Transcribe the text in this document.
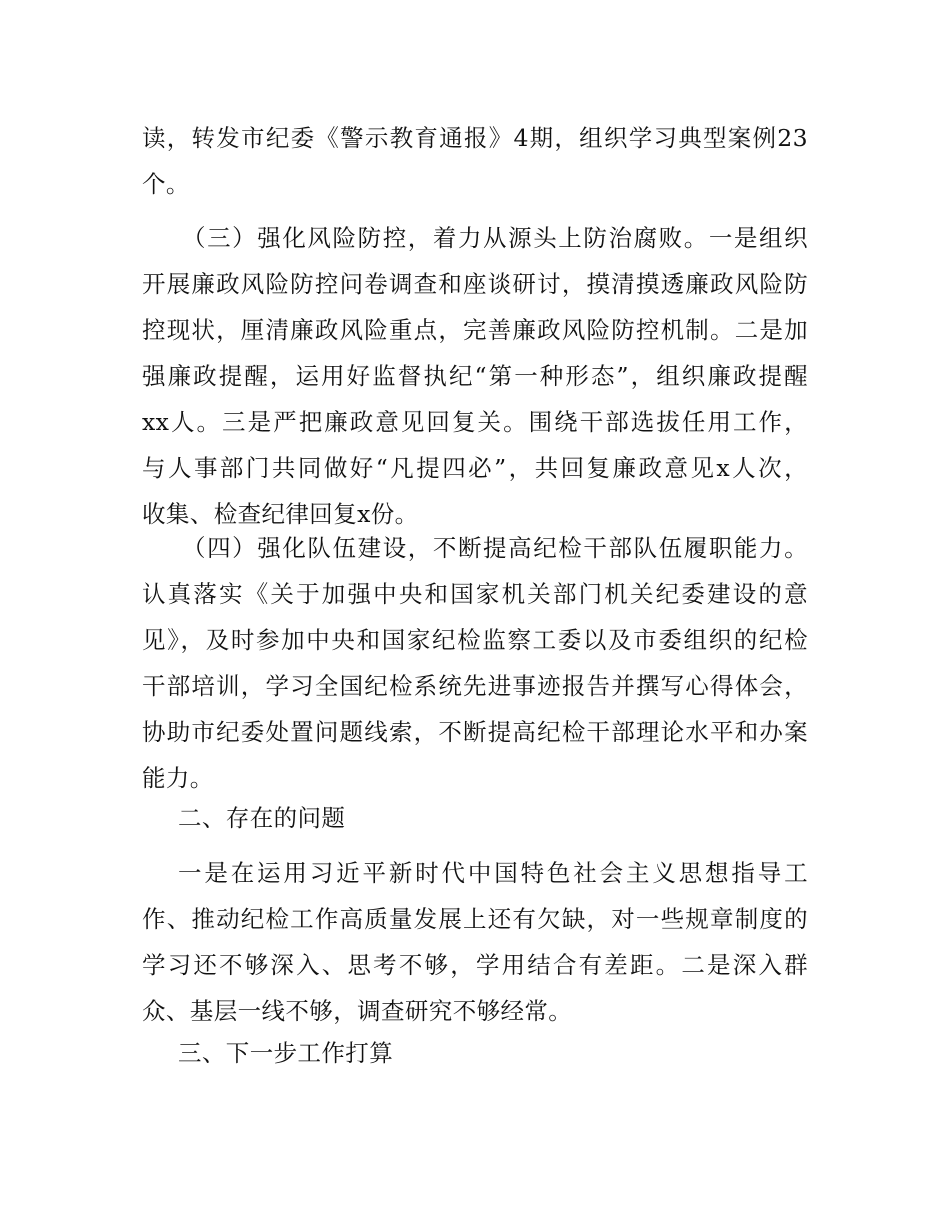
读，转发市纪委《警示教育通报》4期，组织学习典型案例23
个。
（三）强化风险防控，着力从源头上防治腐败。一是组织
开展廉政风险防控问卷调查和座谈研讨，摸清摸透廉政风险防
控现状，厘清廉政风险重点，完善廉政风险防控机制。二是加
强廉政提醒，运用好监督执纪“第一种形态”，组织廉政提醒
xx人。三是严把廉政意见回复关。围绕干部选拔任用工作，
与人事部门共同做好“凡提四必”，共回复廉政意见x人次，
收集、检查纪律回复x份。
（四）强化队伍建设，不断提高纪检干部队伍履职能力。
认真落实《关于加强中央和国家机关部门机关纪委建设的意
见》，及时参加中央和国家纪检监察工委以及市委组织的纪检
干部培训，学习全国纪检系统先进事迹报告并撰写心得体会，
协助市纪委处置问题线索，不断提高纪检干部理论水平和办案
能力。
二、存在的问题
一是在运用习近平新时代中国特色社会主义思想指导工
作、推动纪检工作高质量发展上还有欠缺，对一些规章制度的
学习还不够深入、思考不够，学用结合有差距。二是深入群
众、基层一线不够，调查研究不够经常。
三、下一步工作打算
